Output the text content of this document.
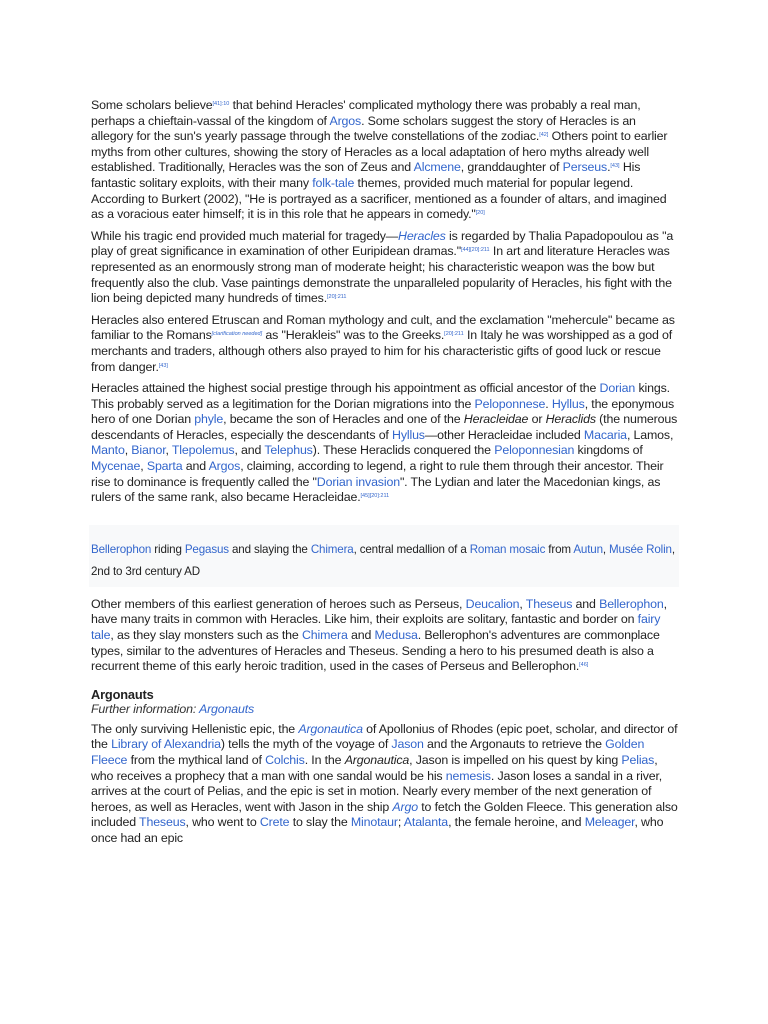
Some scholars believe$^{[41]:10}$ that behind Heracles' complicated mythology there was probably a real man, perhaps a chieftain-vassal of the kingdom of Argos. Some scholars suggest the story of Heracles is an allegory for the sun's yearly passage through the twelve constellations of the zodiac.[42] Others point to earlier myths from other cultures, showing the story of Heracles as a local adaptation of hero myths already well established. Traditionally, Heracles was the son of Zeus and Alcmene, granddaughter of Perseus.[43] His fantastic solitary exploits, with their many folk-tale themes, provided much material for popular legend. According to Burkert (2002), "He is portrayed as a sacrificer, mentioned as a founder of altars, and imagined as a voracious eater himself; it is in this role that he appears in comedy."[20]

While his tragic end provided much material for tragedy—Heracles is regarded by Thalia Papadopoulou as "a play of great significance in examination of other Euripidean dramas."$^{[44][20]:211}$ In art and literature Heracles was represented as an enormously strong man of moderate height; his characteristic weapon was the bow but frequently also the club. Vase paintings demonstrate the unparalleled popularity of Heracles, his fight with the lion being depicted many hundreds of times.$^{[20]:211}$

Heracles also entered Etruscan and Roman mythology and cult, and the exclamation "mehercule" became as familiar to the Romans[clarification needed] as "Herakleis" was to the Greeks.$^{[20]:211}$ In Italy he was worshipped as a god of merchants and traders, although others also prayed to him for his characteristic gifts of good luck or rescue from danger.[43]

Heracles attained the highest social prestige through his appointment as official ancestor of the Dorian kings. This probably served as a legitimation for the Dorian migrations into the Peloponnese. Hyllus, the eponymous hero of one Dorian phyle, became the son of Heracles and one of the Heracleidae or Heraclids (the numerous descendants of Heracles, especially the descendants of Hyllus—other Heracleidae included Macaria, Lamos, Manto, Bianor, Tlepolemus, and Telephus). These Heraclids conquered the Peloponnesian kingdoms of Mycenae, Sparta and Argos, claiming, according to legend, a right to rule them through their ancestor. Their rise to dominance is frequently called the "Dorian invasion". The Lydian and later the Macedonian kings, as rulers of the same rank, also became Heracleidae.$^{[45][20]:211}$

Bellerophon riding Pegasus and slaying the Chimera, central medallion of a Roman mosaic from Autun, Musée Rolin, 2nd to 3rd century AD

Other members of this earliest generation of heroes such as Perseus, Deucalion, Theseus and Bellerophon, have many traits in common with Heracles. Like him, their exploits are solitary, fantastic and border on fairy tale, as they slay monsters such as the Chimera and Medusa. Bellerophon's adventures are commonplace types, similar to the adventures of Heracles and Theseus. Sending a hero to his presumed death is also a recurrent theme of this early heroic tradition, used in the cases of Perseus and Bellerophon.[46]

Argonauts
Further information: Argonauts

The only surviving Hellenistic epic, the Argonautica of Apollonius of Rhodes (epic poet, scholar, and director of the Library of Alexandria) tells the myth of the voyage of Jason and the Argonauts to retrieve the Golden Fleece from the mythical land of Colchis. In the Argonautica, Jason is impelled on his quest by king Pelias, who receives a prophecy that a man with one sandal would be his nemesis. Jason loses a sandal in a river, arrives at the court of Pelias, and the epic is set in motion. Nearly every member of the next generation of heroes, as well as Heracles, went with Jason in the ship Argo to fetch the Golden Fleece. This generation also included Theseus, who went to Crete to slay the Minotaur; Atalanta, the female heroine, and Meleager, who once had an epic
